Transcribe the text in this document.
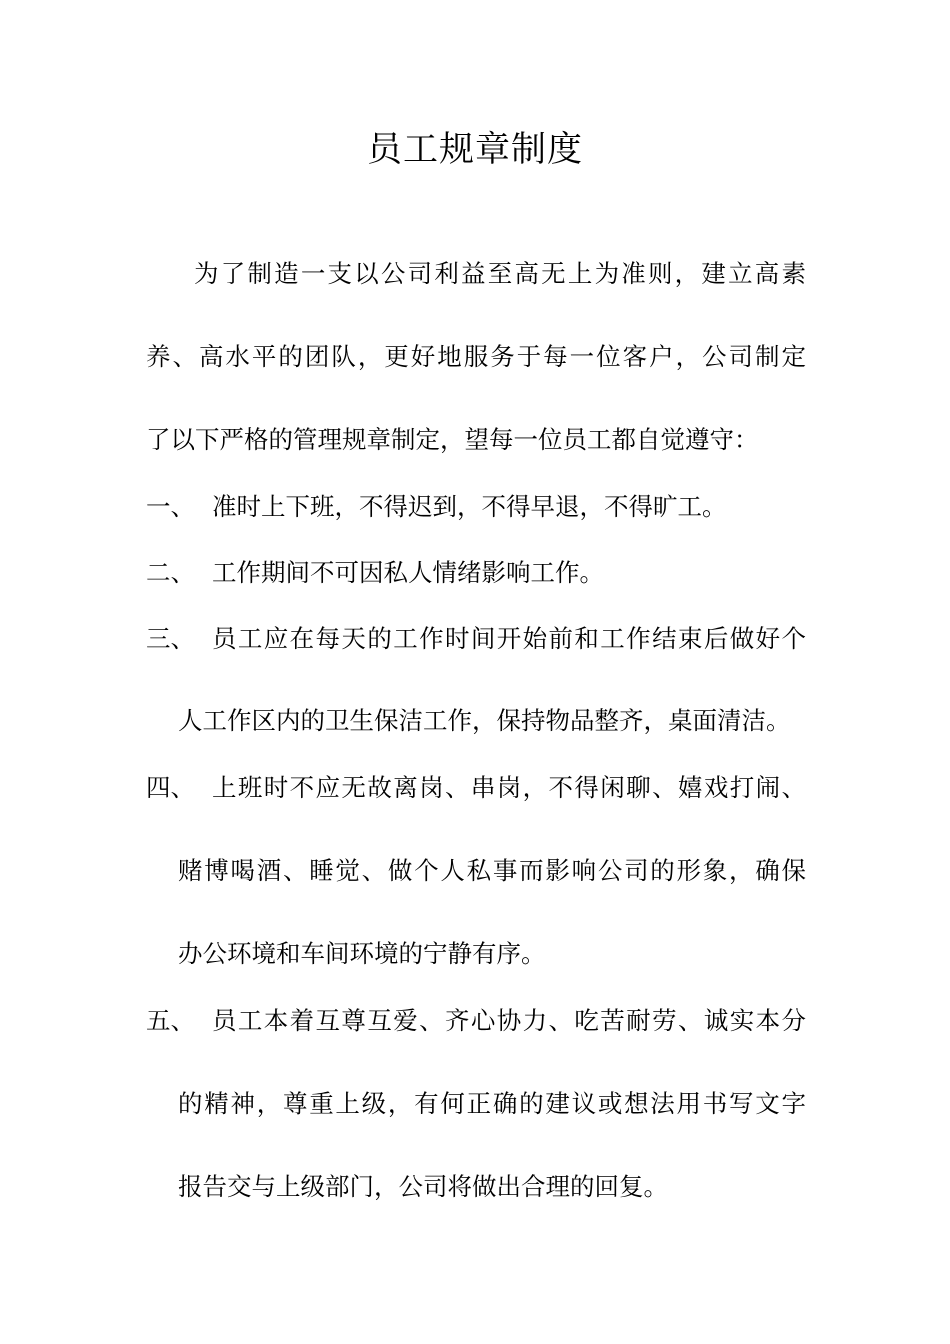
员工规章制度

为了制造一支以公司利益至高无上为准则，建立高素

养、高水平的团队，更好地服务于每一位客户，公司制定

了以下严格的管理规章制定，望每一位员工都自觉遵守：

一、 准时上下班，不得迟到，不得早退，不得旷工。

二、 工作期间不可因私人情绪影响工作。

三、 员工应在每天的工作时间开始前和工作结束后做好个

人工作区内的卫生保洁工作，保持物品整齐，桌面清洁。

四、 上班时不应无故离岗、串岗，不得闲聊、嬉戏打闹、

赌博喝酒、睡觉、做个人私事而影响公司的形象，确保

办公环境和车间环境的宁静有序。

五、 员工本着互尊互爱、齐心协力、吃苦耐劳、诚实本分

的精神，尊重上级，有何正确的建议或想法用书写文字

报告交与上级部门，公司将做出合理的回复。
